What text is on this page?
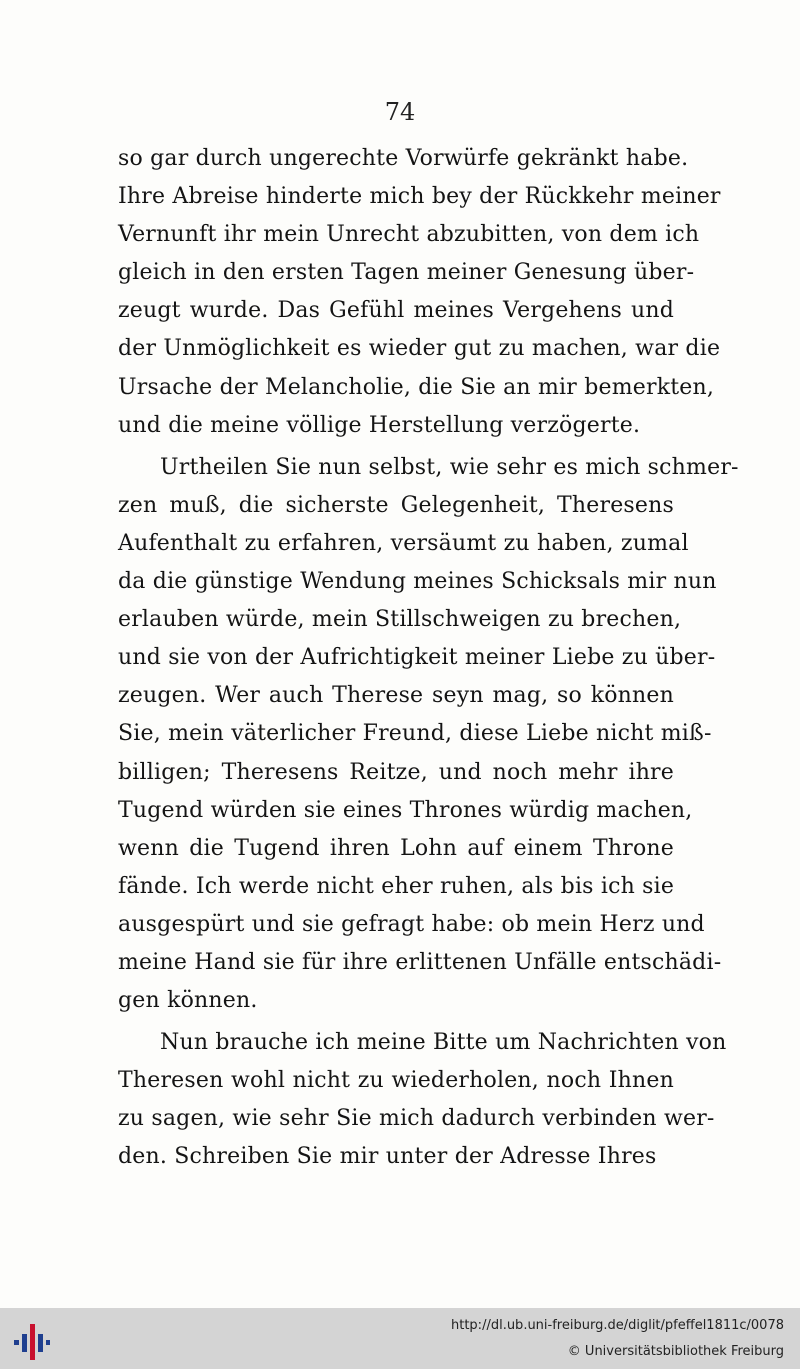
74
so gar durch ungerechte Vorwürfe gekränkt habe.
Ihre Abreise hinderte mich bey der Rückkehr meiner
Vernunft ihr mein Unrecht abzubitten, von dem ich
gleich in den ersten Tagen meiner Genesung über-
zeugt wurde. Das Gefühl meines Vergehens und
der Unmöglichkeit es wieder gut zu machen, war die
Ursache der Melancholie, die Sie an mir bemerkten,
und die meine völlige Herstellung verzögerte.
Urtheilen Sie nun selbst, wie sehr es mich schmer-
zen muß, die sicherste Gelegenheit, Theresens
Aufenthalt zu erfahren, versäumt zu haben, zumal
da die günstige Wendung meines Schicksals mir nun
erlauben würde, mein Stillschweigen zu brechen,
und sie von der Aufrichtigkeit meiner Liebe zu über-
zeugen. Wer auch Therese seyn mag, so können
Sie, mein väterlicher Freund, diese Liebe nicht miß-
billigen; Theresens Reitze, und noch mehr ihre
Tugend würden sie eines Thrones würdig machen,
wenn die Tugend ihren Lohn auf einem Throne
fände. Ich werde nicht eher ruhen, als bis ich sie
ausgespürt und sie gefragt habe: ob mein Herz und
meine Hand sie für ihre erlittenen Unfälle entschädi-
gen können.
Nun brauche ich meine Bitte um Nachrichten von
Theresen wohl nicht zu wiederholen, noch Ihnen
zu sagen, wie sehr Sie mich dadurch verbinden wer-
den. Schreiben Sie mir unter der Adresse Ihres
http://dl.ub.uni-freiburg.de/diglit/pfeffel1811c/0078
© Universitätsbibliothek Freiburg
